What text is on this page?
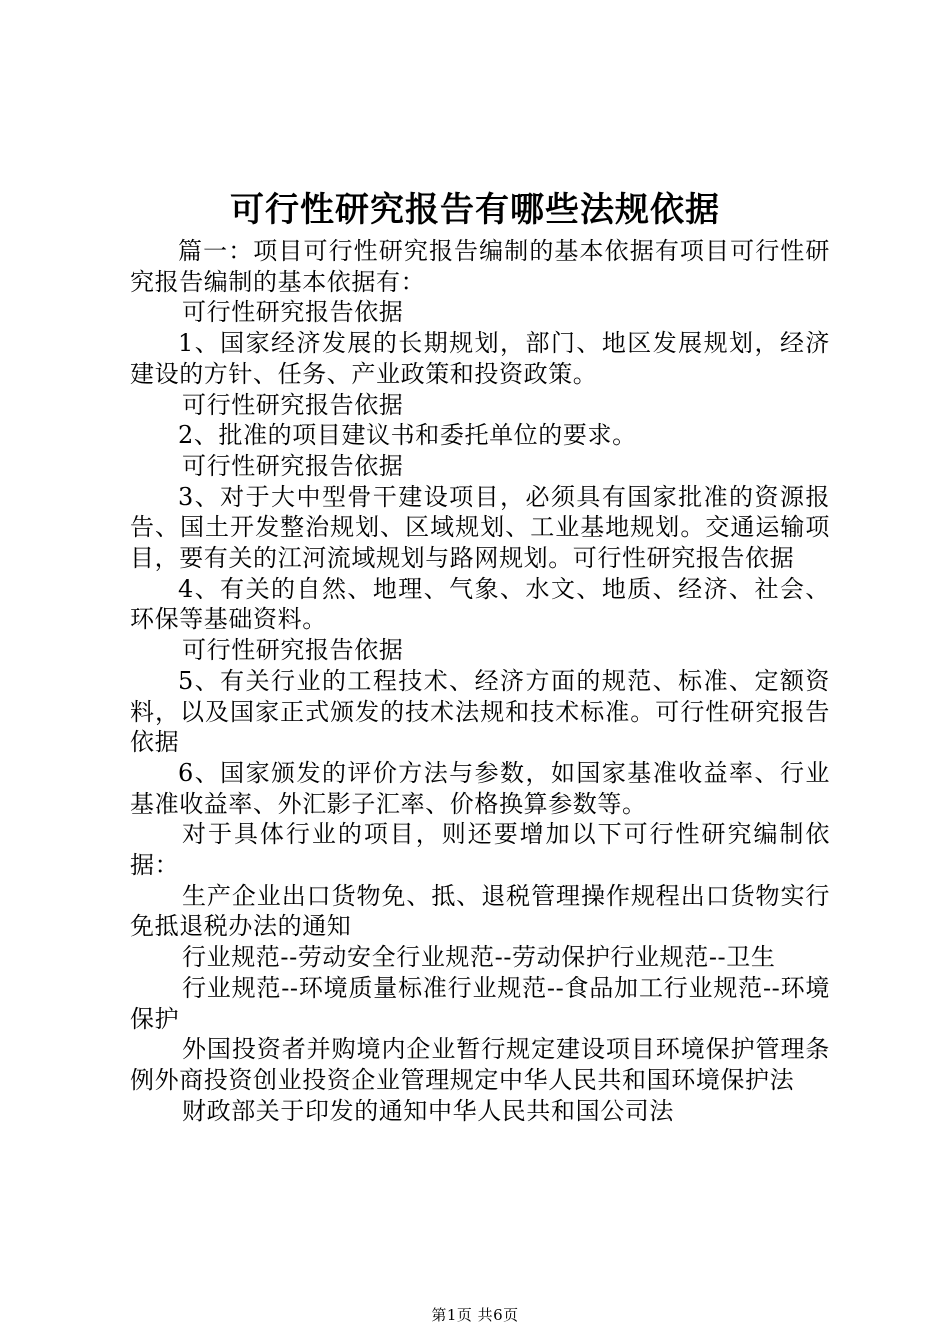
可行性研究报告有哪些法规依据

篇一：项目可行性研究报告编制的基本依据有项目可行性研究报告编制的基本依据有：

可行性研究报告依据

1、国家经济发展的长期规划，部门、地区发展规划，经济建设的方针、任务、产业政策和投资政策。

可行性研究报告依据

2、批准的项目建议书和委托单位的要求。

可行性研究报告依据

3、对于大中型骨干建设项目，必须具有国家批准的资源报告、国土开发整治规划、区域规划、工业基地规划。交通运输项目，要有关的江河流域规划与路网规划。可行性研究报告依据

4、有关的自然、地理、气象、水文、地质、经济、社会、环保等基础资料。

可行性研究报告依据

5、有关行业的工程技术、经济方面的规范、标准、定额资料，以及国家正式颁发的技术法规和技术标准。可行性研究报告依据

6、国家颁发的评价方法与参数，如国家基准收益率、行业基准收益率、外汇影子汇率、价格换算参数等。

对于具体行业的项目，则还要增加以下可行性研究编制依据：

生产企业出口货物免、抵、退税管理操作规程出口货物实行免抵退税办法的通知

行业规范--劳动安全行业规范--劳动保护行业规范--卫生

行业规范--环境质量标准行业规范--食品加工行业规范--环境保护

外国投资者并购境内企业暂行规定建设项目环境保护管理条例外商投资创业投资企业管理规定中华人民共和国环境保护法

财政部关于印发的通知中华人民共和国公司法

第1页 共6页
